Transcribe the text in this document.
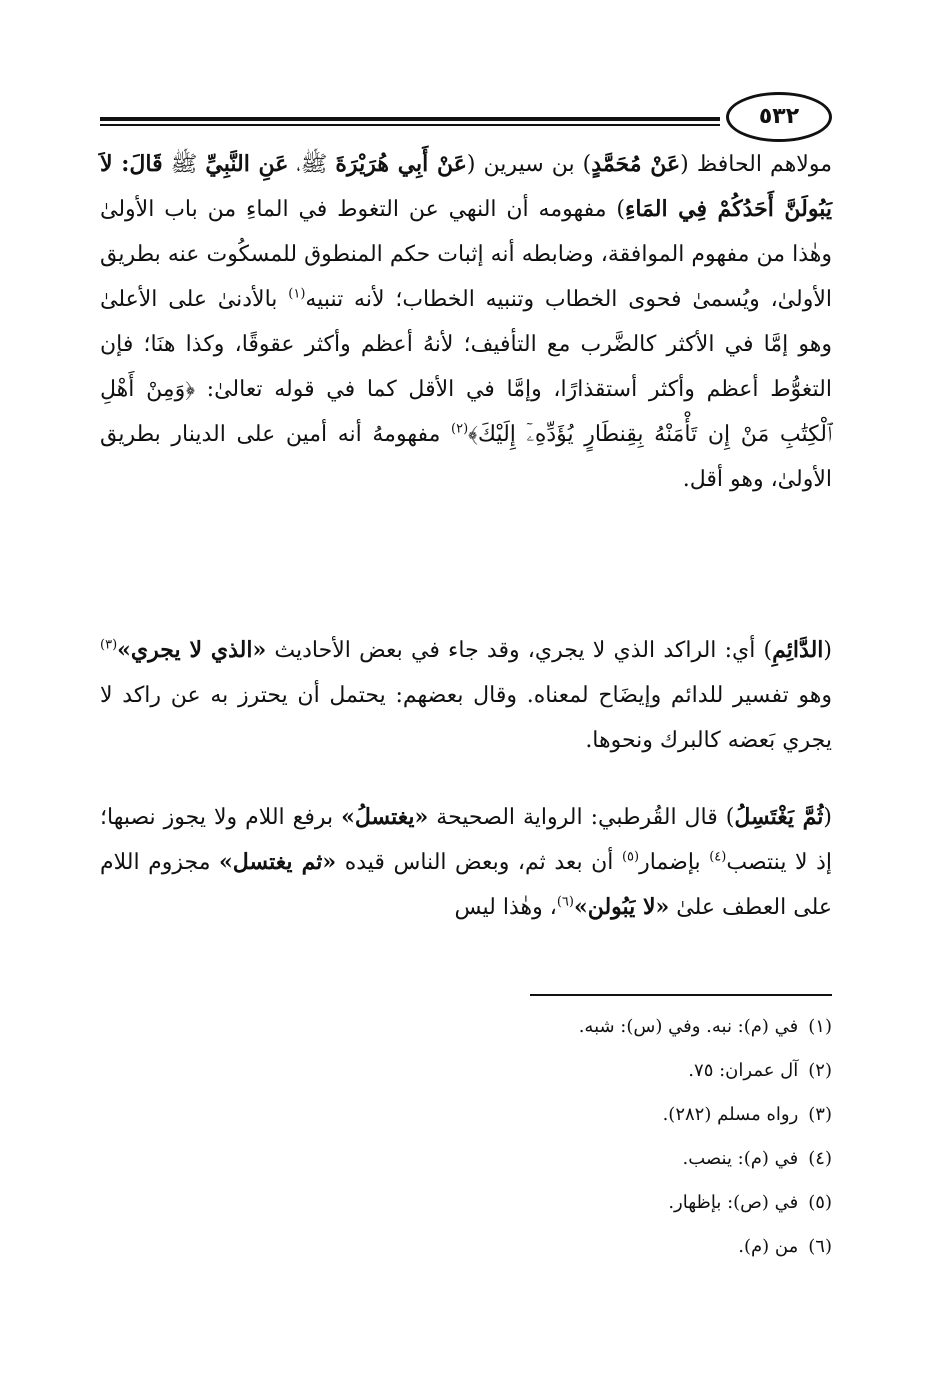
٥٣٢

مولاهم الحافظ (عَنْ مُحَمَّدٍ) بن سيرين (عَنْ أَبِي هُرَيْرَةَ ﷺ، عَنِ النَّبِيِّ ﷺ قَالَ: لاَ يَبُولَنَّ أَحَدُكُمْ فِي المَاءِ) مفهومه أن النهي عن التغوط في الماءِ من باب الأولىٰ وهٰذا من مفهوم الموافقة، وضابطه أنه إثبات حكم المنطوق للمسكُوت عنه بطريق الأولىٰ، ويُسمىٰ فحوى الخطاب وتنبيه الخطاب؛ لأنه تنبيه$^{(١)}$ بالأدنىٰ على الأعلىٰ وهو إمَّا في الأكثر كالضَّرب مع التأفيف؛ لأنهُ أعظم وأكثر عقوقًا، وكذا هنَا؛ فإن التغوُّط أعظم وأكثر أستقذارًا، وإمَّا في الأقل كما في قوله تعالىٰ: ﴿وَمِنْ أَهْلِ ٱلْكِتَٰبِ مَنْ إِن تَأْمَنْهُ بِقِنطَارٍ يُؤَدِّهِۦٓ إِلَيْكَ﴾$^{(٢)}$ مفهومهُ أنه أمين على الدينار بطريق الأولىٰ، وهو أقل.

(الدَّائِمِ) أي: الراكد الذي لا يجري، وقد جاء في بعض الأحاديث «الذي لا يجري»$^{(٣)}$ وهو تفسير للدائم وإيضَاح لمعناه. وقال بعضهم: يحتمل أن يحترز به عن راكد لا يجري بَعضه كالبرك ونحوها.

(ثُمَّ يَغْتَسِلُ) قال القُرطبي: الرواية الصحيحة «يغتسلُ» برفع اللام ولا يجوز نصبها؛ إذ لا ينتصب$^{(٤)}$ بإضمار$^{(٥)}$ أن بعد ثم، وبعض الناس قيده «ثم يغتسل» مجزوم اللام على العطف علىٰ «لا يَبُولن»$^{(٦)}$، وهٰذا ليس

(١)في (م): نبه. وفي (س): شبه.
(٢)آل عمران: ٧٥.
(٣)رواه مسلم (٢٨٢).
(٤)في (م): ينصب.
(٥)في (ص): بإظهار.
(٦)من (م).
